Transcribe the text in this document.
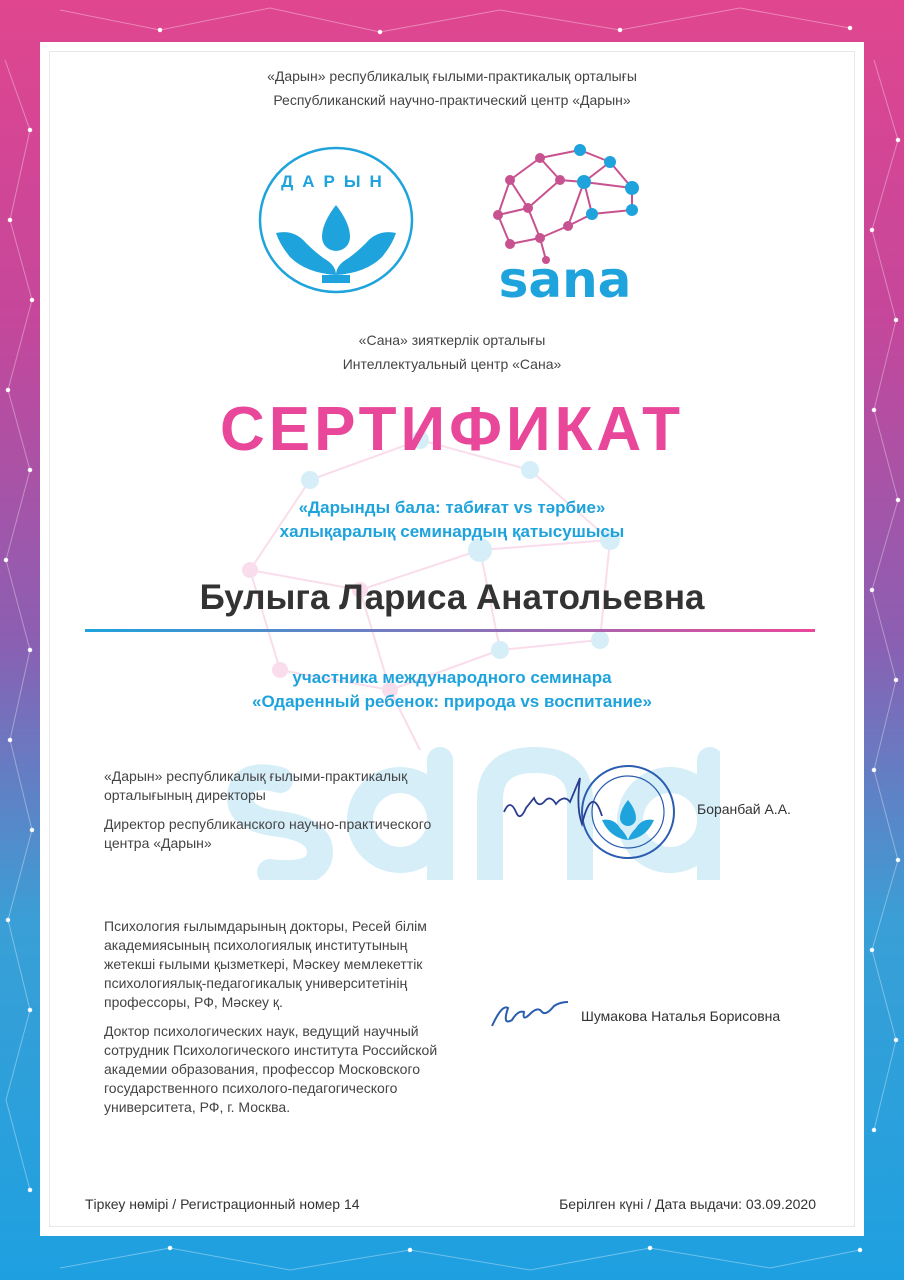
«Дарын» республикалық ғылыми-практикалық орталығы
Республиканский научно-практический центр «Дарын»
ДАРЫН
sana
«Сана» зияткерлік орталығы
Интеллектуальный центр «Сана»
СЕРТИФИКАТ
«Дарынды бала: табиғат vs тәрбие»
халықаралық семинардың қатысушысы
Булыга Лариса Анатольевна
участника международного семинара
«Одаренный ребенок: природа vs воспитание»
«Дарын» республикалық ғылыми-практикалық
орталығының директоры
Директор республиканского научно-практического
центра «Дарын»
Боранбай А.А.
Психология ғылымдарының докторы, Ресей білім
академиясының психологиялық институтының
жетекші ғылыми қызметкері, Мәскеу мемлекеттік
психологиялық-педагогикалық университетінің
профессоры, РФ, Мәскеу қ.
Доктор психологических наук, ведущий научный
сотрудник Психологического института Российской
академии образования, профессор Московского
государственного психолого-педагогического
университета, РФ, г. Москва.
Шумакова Наталья Борисовна
Тіркеу нөмірі / Регистрационный номер 14	Берілген күні / Дата выдачи: 03.09.2020
